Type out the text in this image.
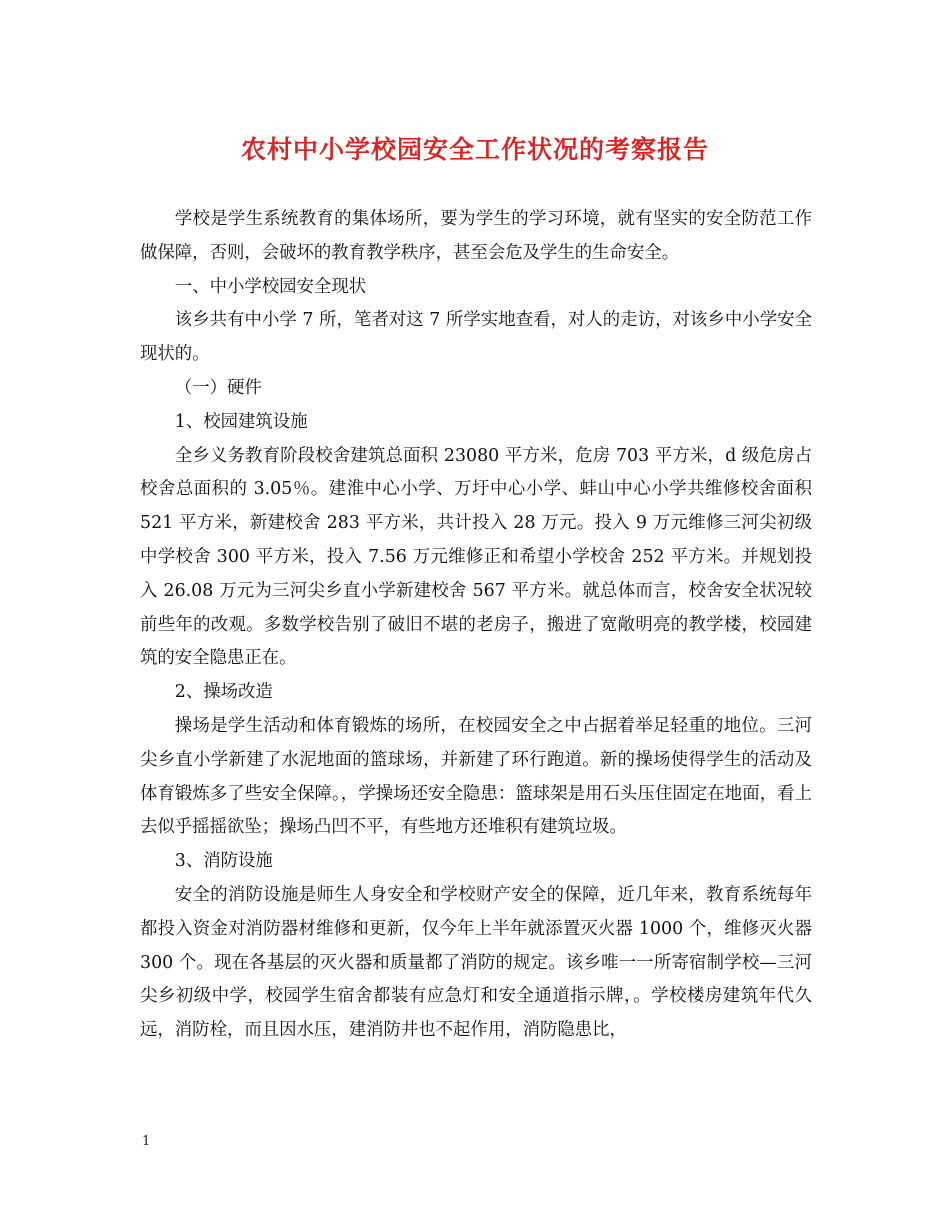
农村中小学校园安全工作状况的考察报告

学校是学生系统教育的集体场所，要为学生的学习环境，就有坚实的安全防范工作做保障，否则，会破坏的教育教学秩序，甚至会危及学生的生命安全。

一、中小学校园安全现状

该乡共有中小学 7 所，笔者对这 7 所学实地查看，对人的走访，对该乡中小学安全现状的。

（一）硬件

1、校园建筑设施

全乡义务教育阶段校舍建筑总面积 23080 平方米，危房 703 平方米，d 级危房占校舍总面积的 3.05％。建淮中心小学、万圩中心小学、蚌山中心小学共维修校舍面积 521 平方米，新建校舍 283 平方米，共计投入 28 万元。投入 9 万元维修三河尖初级中学校舍 300 平方米，投入 7.56 万元维修正和希望小学校舍 252 平方米。并规划投入 26.08 万元为三河尖乡直小学新建校舍 567 平方米。就总体而言，校舍安全状况较前些年的改观。多数学校告别了破旧不堪的老房子，搬进了宽敞明亮的教学楼，校园建筑的安全隐患正在。

2、操场改造

操场是学生活动和体育锻炼的场所，在校园安全之中占据着举足轻重的地位。三河尖乡直小学新建了水泥地面的篮球场，并新建了环行跑道。新的操场使得学生的活动及体育锻炼多了些安全保障。，学操场还安全隐患：篮球架是用石头压住固定在地面，看上去似乎摇摇欲坠；操场凸凹不平，有些地方还堆积有建筑垃圾。

3、消防设施

安全的消防设施是师生人身安全和学校财产安全的保障，近几年来，教育系统每年都投入资金对消防器材维修和更新，仅今年上半年就添置灭火器 1000 个，维修灭火器 300 个。现在各基层的灭火器和质量都了消防的规定。该乡唯一一所寄宿制学校—三河尖乡初级中学，校园学生宿舍都装有应急灯和安全通道指示牌，。学校楼房建筑年代久远，消防栓，而且因水压，建消防井也不起作用，消防隐患比，

1
